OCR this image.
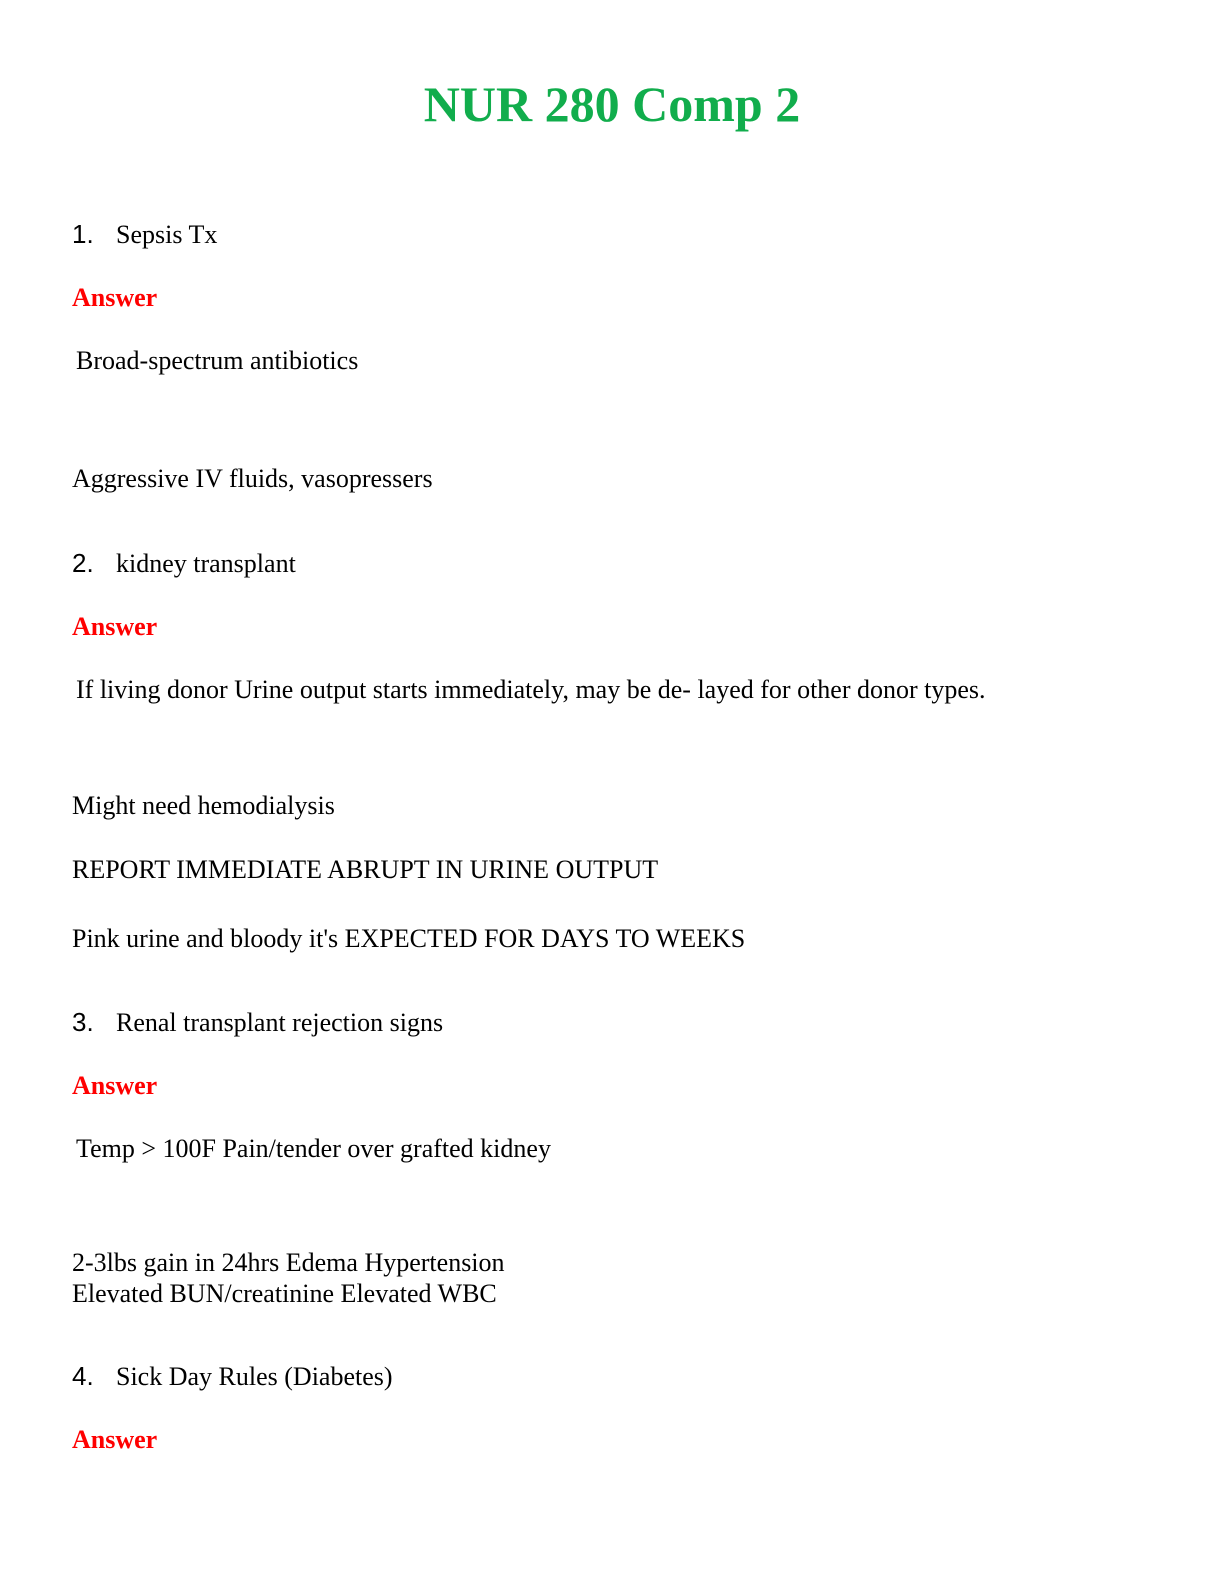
NUR 280 Comp 2
1. Sepsis Tx
Answer
Broad-spectrum antibiotics
Aggressive IV fluids, vasopressers
2. kidney transplant
Answer
If living donor Urine output starts immediately, may be de- layed for other donor types.
Might need hemodialysis
REPORT IMMEDIATE ABRUPT IN URINE OUTPUT
Pink urine and bloody it's EXPECTED FOR DAYS TO WEEKS
3. Renal transplant rejection signs
Answer
Temp > 100F Pain/tender over grafted kidney
2-3lbs gain in 24hrs Edema Hypertension
Elevated BUN/creatinine Elevated WBC
4. Sick Day Rules (Diabetes)
Answer
